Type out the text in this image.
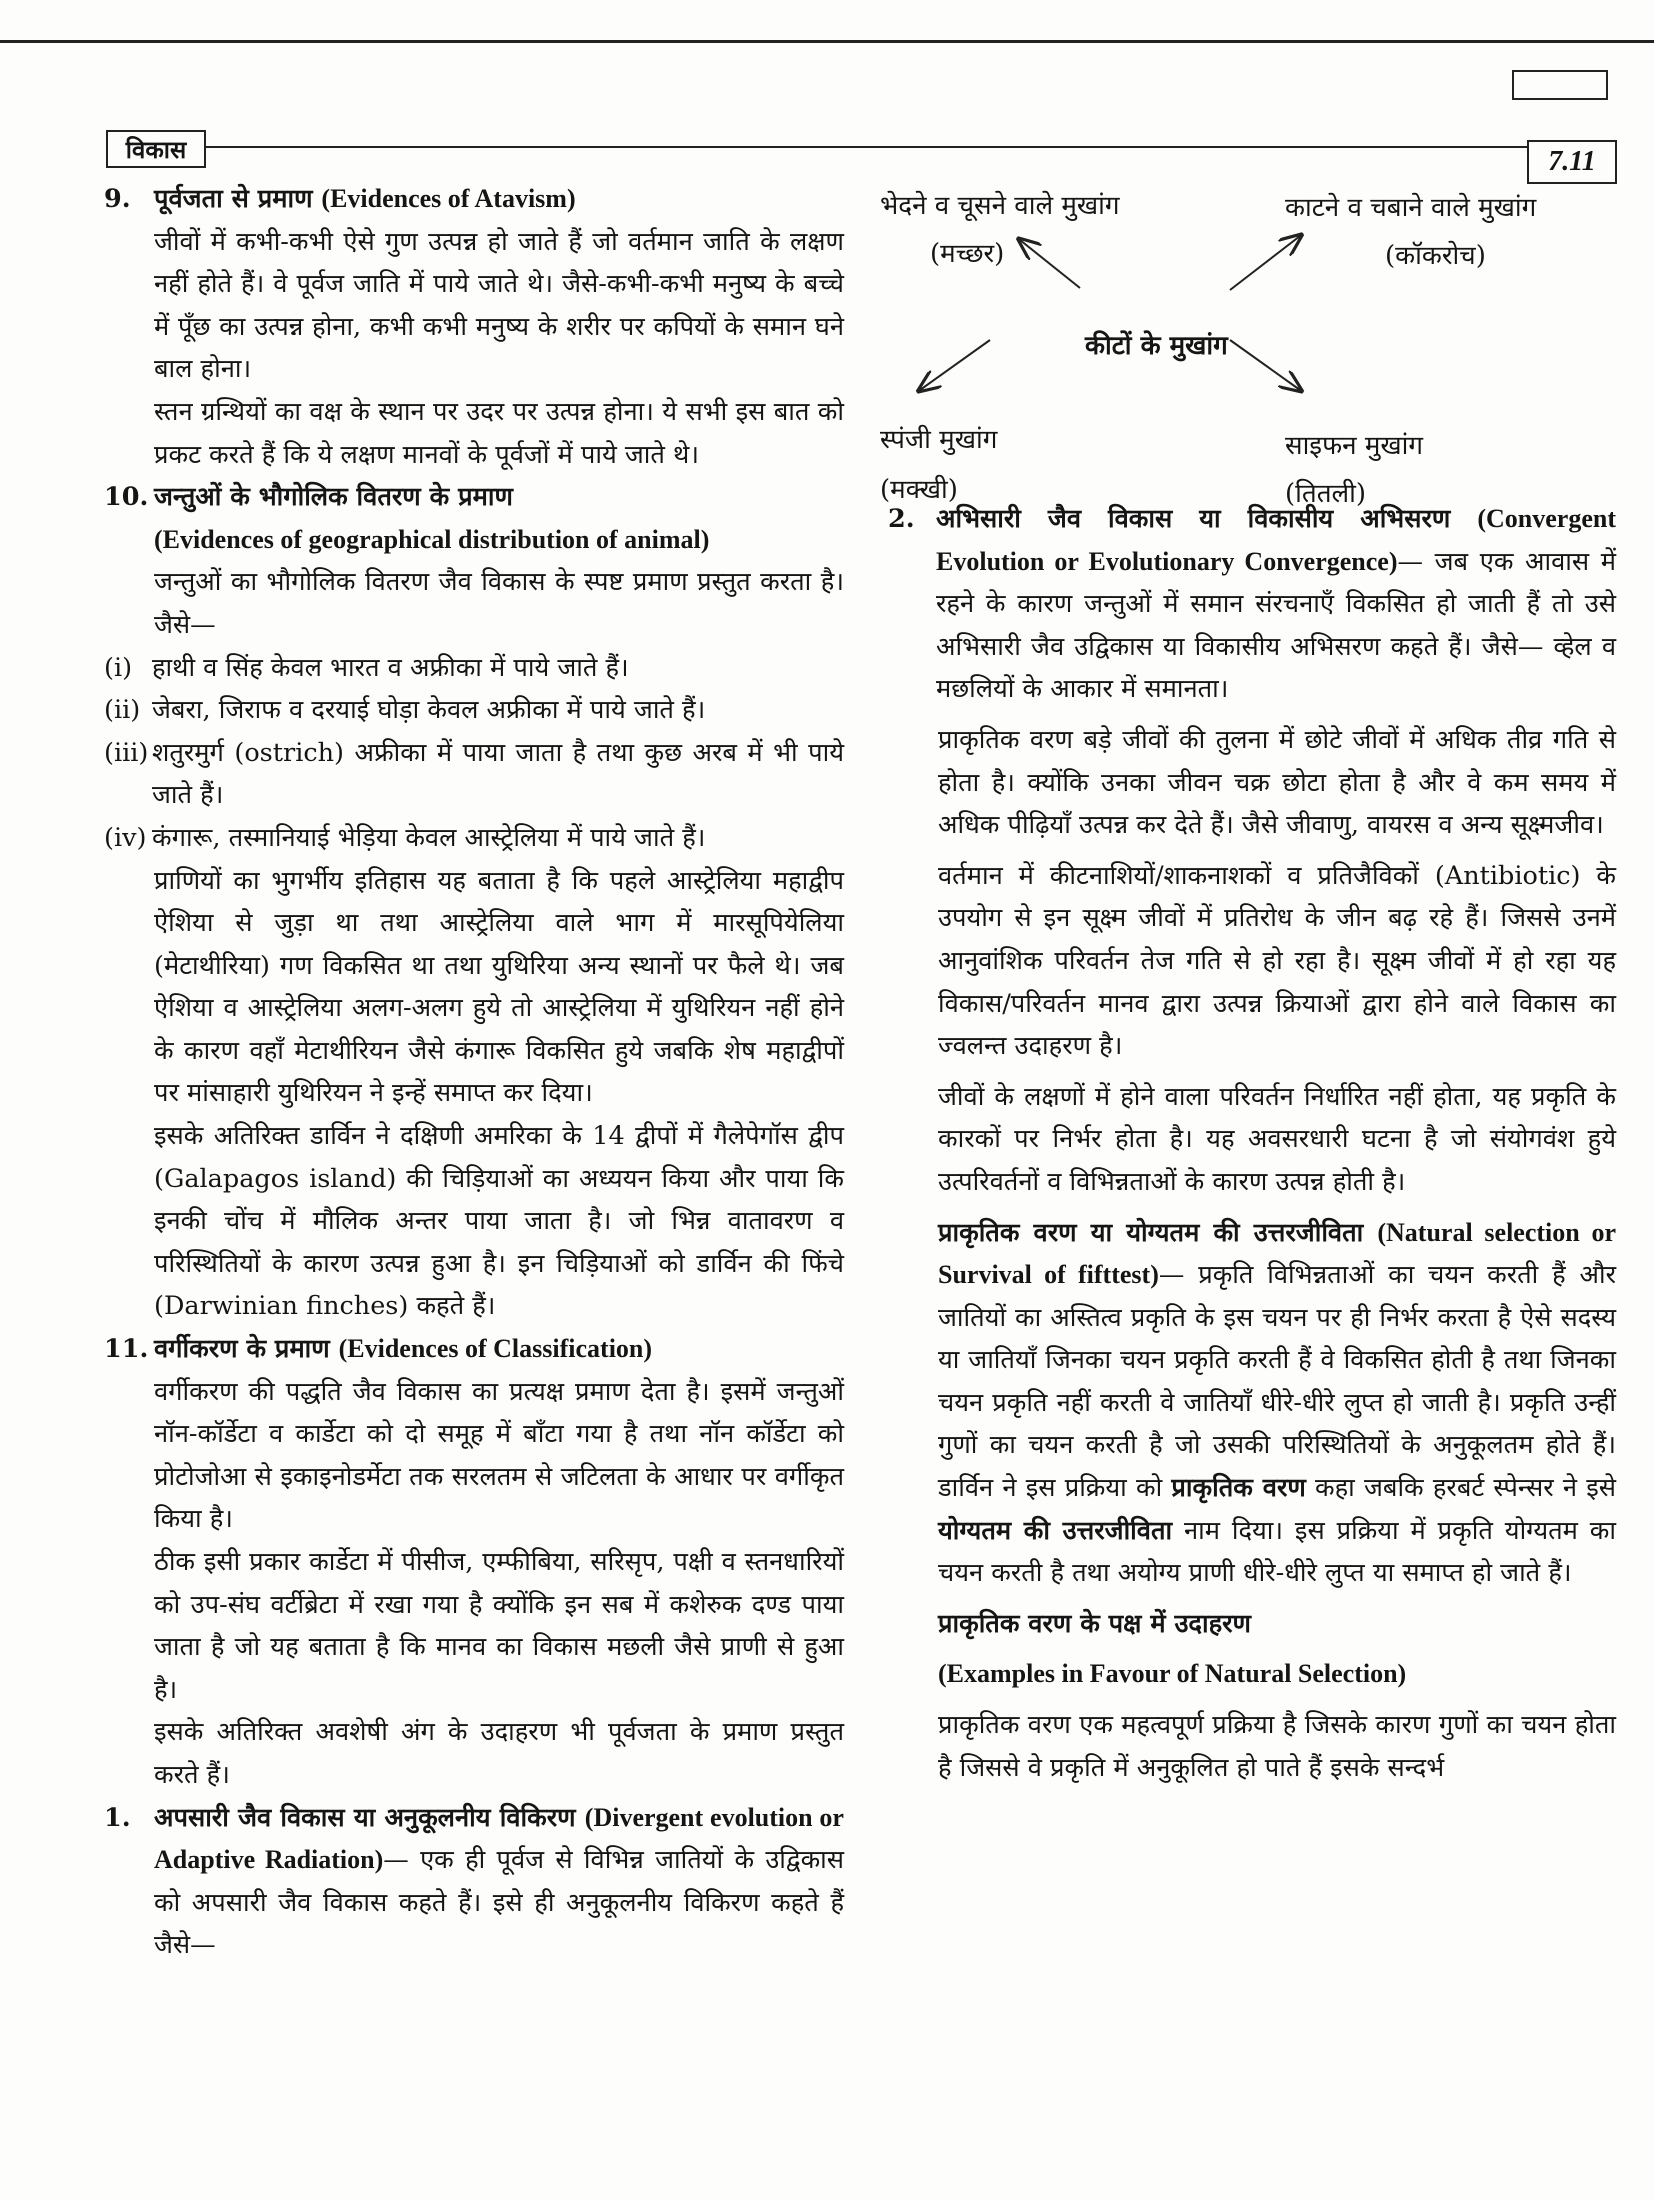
7.11
विकास
9. पूर्वजता से प्रमाण (Evidences of Atavism)

जीवों में कभी-कभी ऐसे गुण उत्पन्न हो जाते हैं जो वर्तमान जाति के लक्षण नहीं होते हैं। वे पूर्वज जाति में पाये जाते थे। जैसे-कभी-कभी मनुष्य के बच्चे में पूँछ का उत्पन्न होना, कभी कभी मनुष्य के शरीर पर कपियों के समान घने बाल होना।

स्तन ग्रन्थियों का वक्ष के स्थान पर उदर पर उत्पन्न होना। ये सभी इस बात को प्रकट करते हैं कि ये लक्षण मानवों के पूर्वजों में पाये जाते थे।

10. जन्तुओं के भौगोलिक वितरण के प्रमाण
(Evidences of geographical distribution of animal)

जन्तुओं का भौगोलिक वितरण जैव विकास के स्पष्ट प्रमाण प्रस्तुत करता है। जैसे—

(i) हाथी व सिंह केवल भारत व अफ्रीका में पाये जाते हैं।
(ii) जेबरा, जिराफ व दरयाई घोड़ा केवल अफ्रीका में पाये जाते हैं।
(iii) शतुरमुर्ग (ostrich) अफ्रीका में पाया जाता है तथा कुछ अरब में भी पाये जाते हैं।
(iv) कंगारू, तस्मानियाई भेड़िया केवल आस्ट्रेलिया में पाये जाते हैं।

प्राणियों का भुगर्भीय इतिहास यह बताता है कि पहले आस्ट्रेलिया महाद्वीप ऐशिया से जुड़ा था तथा आस्ट्रेलिया वाले भाग में मारसूपियेलिया (मेटाथीरिया) गण विकसित था तथा युथिरिया अन्य स्थानों पर फैले थे। जब ऐशिया व आस्ट्रेलिया अलग-अलग हुये तो आस्ट्रेलिया में युथिरियन नहीं होने के कारण वहाँ मेटाथीरियन जैसे कंगारू विकसित हुये जबकि शेष महाद्वीपों पर मांसाहारी युथिरियन ने इन्हें समाप्त कर दिया।

इसके अतिरिक्त डार्विन ने दक्षिणी अमरिका के 14 द्वीपों में गैलेपेगॉस द्वीप (Galapagos island) की चिड़ियाओं का अध्ययन किया और पाया कि इनकी चोंच में मौलिक अन्तर पाया जाता है। जो भिन्न वातावरण व परिस्थितियों के कारण उत्पन्न हुआ है। इन चिड़ियाओं को डार्विन की फिंचे (Darwinian finches) कहते हैं।

11. वर्गीकरण के प्रमाण (Evidences of Classification)

वर्गीकरण की पद्धति जैव विकास का प्रत्यक्ष प्रमाण देता है। इसमें जन्तुओं नॉन-कॉर्डेटा व कार्डेटा को दो समूह में बाँटा गया है तथा नॉन कॉर्डेटा को प्रोटोजोआ से इकाइनोडर्मेटा तक सरलतम से जटिलता के आधार पर वर्गीकृत किया है।

ठीक इसी प्रकार कार्डेटा में पीसीज, एम्फीबिया, सरिसृप, पक्षी व स्तनधारियों को उप-संघ वर्टीब्रेटा में रखा गया है क्योंकि इन सब में कशेरुक दण्ड पाया जाता है जो यह बताता है कि मानव का विकास मछली जैसे प्राणी से हुआ है।

इसके अतिरिक्त अवशेषी अंग के उदाहरण भी पूर्वजता के प्रमाण प्रस्तुत करते हैं।

1. अपसारी जैव विकास या अनुकूलनीय विकिरण (Divergent evolution or Adaptive Radiation)— एक ही पूर्वज से विभिन्न जातियों के उद्विकास को अपसारी जैव विकास कहते हैं। इसे ही अनुकूलनीय विकिरण कहते हैं जैसे—

भेदने व चूसने वाले मुखांग
(मच्छर)
काटने व चबाने वाले मुखांग
(कॉकरोच)
कीटों के मुखांग
स्पंजी मुखांग
(मक्खी)
साइफन मुखांग
(तितली)
2. अभिसारी जैव विकास या विकासीय अभिसरण (Convergent Evolution or Evolutionary Convergence)— जब एक आवास में रहने के कारण जन्तुओं में समान संरचनाएँ विकसित हो जाती हैं तो उसे अभिसारी जैव उद्विकास या विकासीय अभिसरण कहते हैं। जैसे— व्हेल व मछलियों के आकार में समानता।

प्राकृतिक वरण बड़े जीवों की तुलना में छोटे जीवों में अधिक तीव्र गति से होता है। क्योंकि उनका जीवन चक्र छोटा होता है और वे कम समय में अधिक पीढ़ियाँ उत्पन्न कर देते हैं। जैसे जीवाणु, वायरस व अन्य सूक्ष्मजीव।

वर्तमान में कीटनाशियों/शाकनाशकों व प्रतिजैविकों (Antibiotic) के उपयोग से इन सूक्ष्म जीवों में प्रतिरोध के जीन बढ़ रहे हैं। जिससे उनमें आनुवांशिक परिवर्तन तेज गति से हो रहा है। सूक्ष्म जीवों में हो रहा यह विकास/परिवर्तन मानव द्वारा उत्पन्न क्रियाओं द्वारा होने वाले विकास का ज्वलन्त उदाहरण है।

जीवों के लक्षणों में होने वाला परिवर्तन निर्धारित नहीं होता, यह प्रकृति के कारकों पर निर्भर होता है। यह अवसरधारी घटना है जो संयोगवंश हुये उत्परिवर्तनों व विभिन्नताओं के कारण उत्पन्न होती है।

प्राकृतिक वरण या योग्यतम की उत्तरजीविता (Natural selection or Survival of fifttest)— प्रकृति विभिन्नताओं का चयन करती हैं और जातियों का अस्तित्व प्रकृति के इस चयन पर ही निर्भर करता है ऐसे सदस्य या जातियाँ जिनका चयन प्रकृति करती हैं वे विकसित होती है तथा जिनका चयन प्रकृति नहीं करती वे जातियाँ धीरे-धीरे लुप्त हो जाती है। प्रकृति उन्हीं गुणों का चयन करती है जो उसकी परिस्थितियों के अनुकूलतम होते हैं। डार्विन ने इस प्रक्रिया को प्राकृतिक वरण कहा जबकि हरबर्ट स्पेन्सर ने इसे योग्यतम की उत्तरजीविता नाम दिया। इस प्रक्रिया में प्रकृति योग्यतम का चयन करती है तथा अयोग्य प्राणी धीरे-धीरे लुप्त या समाप्त हो जाते हैं।

प्राकृतिक वरण के पक्ष में उदाहरण
(Examples in Favour of Natural Selection)

प्राकृतिक वरण एक महत्वपूर्ण प्रक्रिया है जिसके कारण गुणों का चयन होता है जिससे वे प्रकृति में अनुकूलित हो पाते हैं इसके सन्दर्भ
